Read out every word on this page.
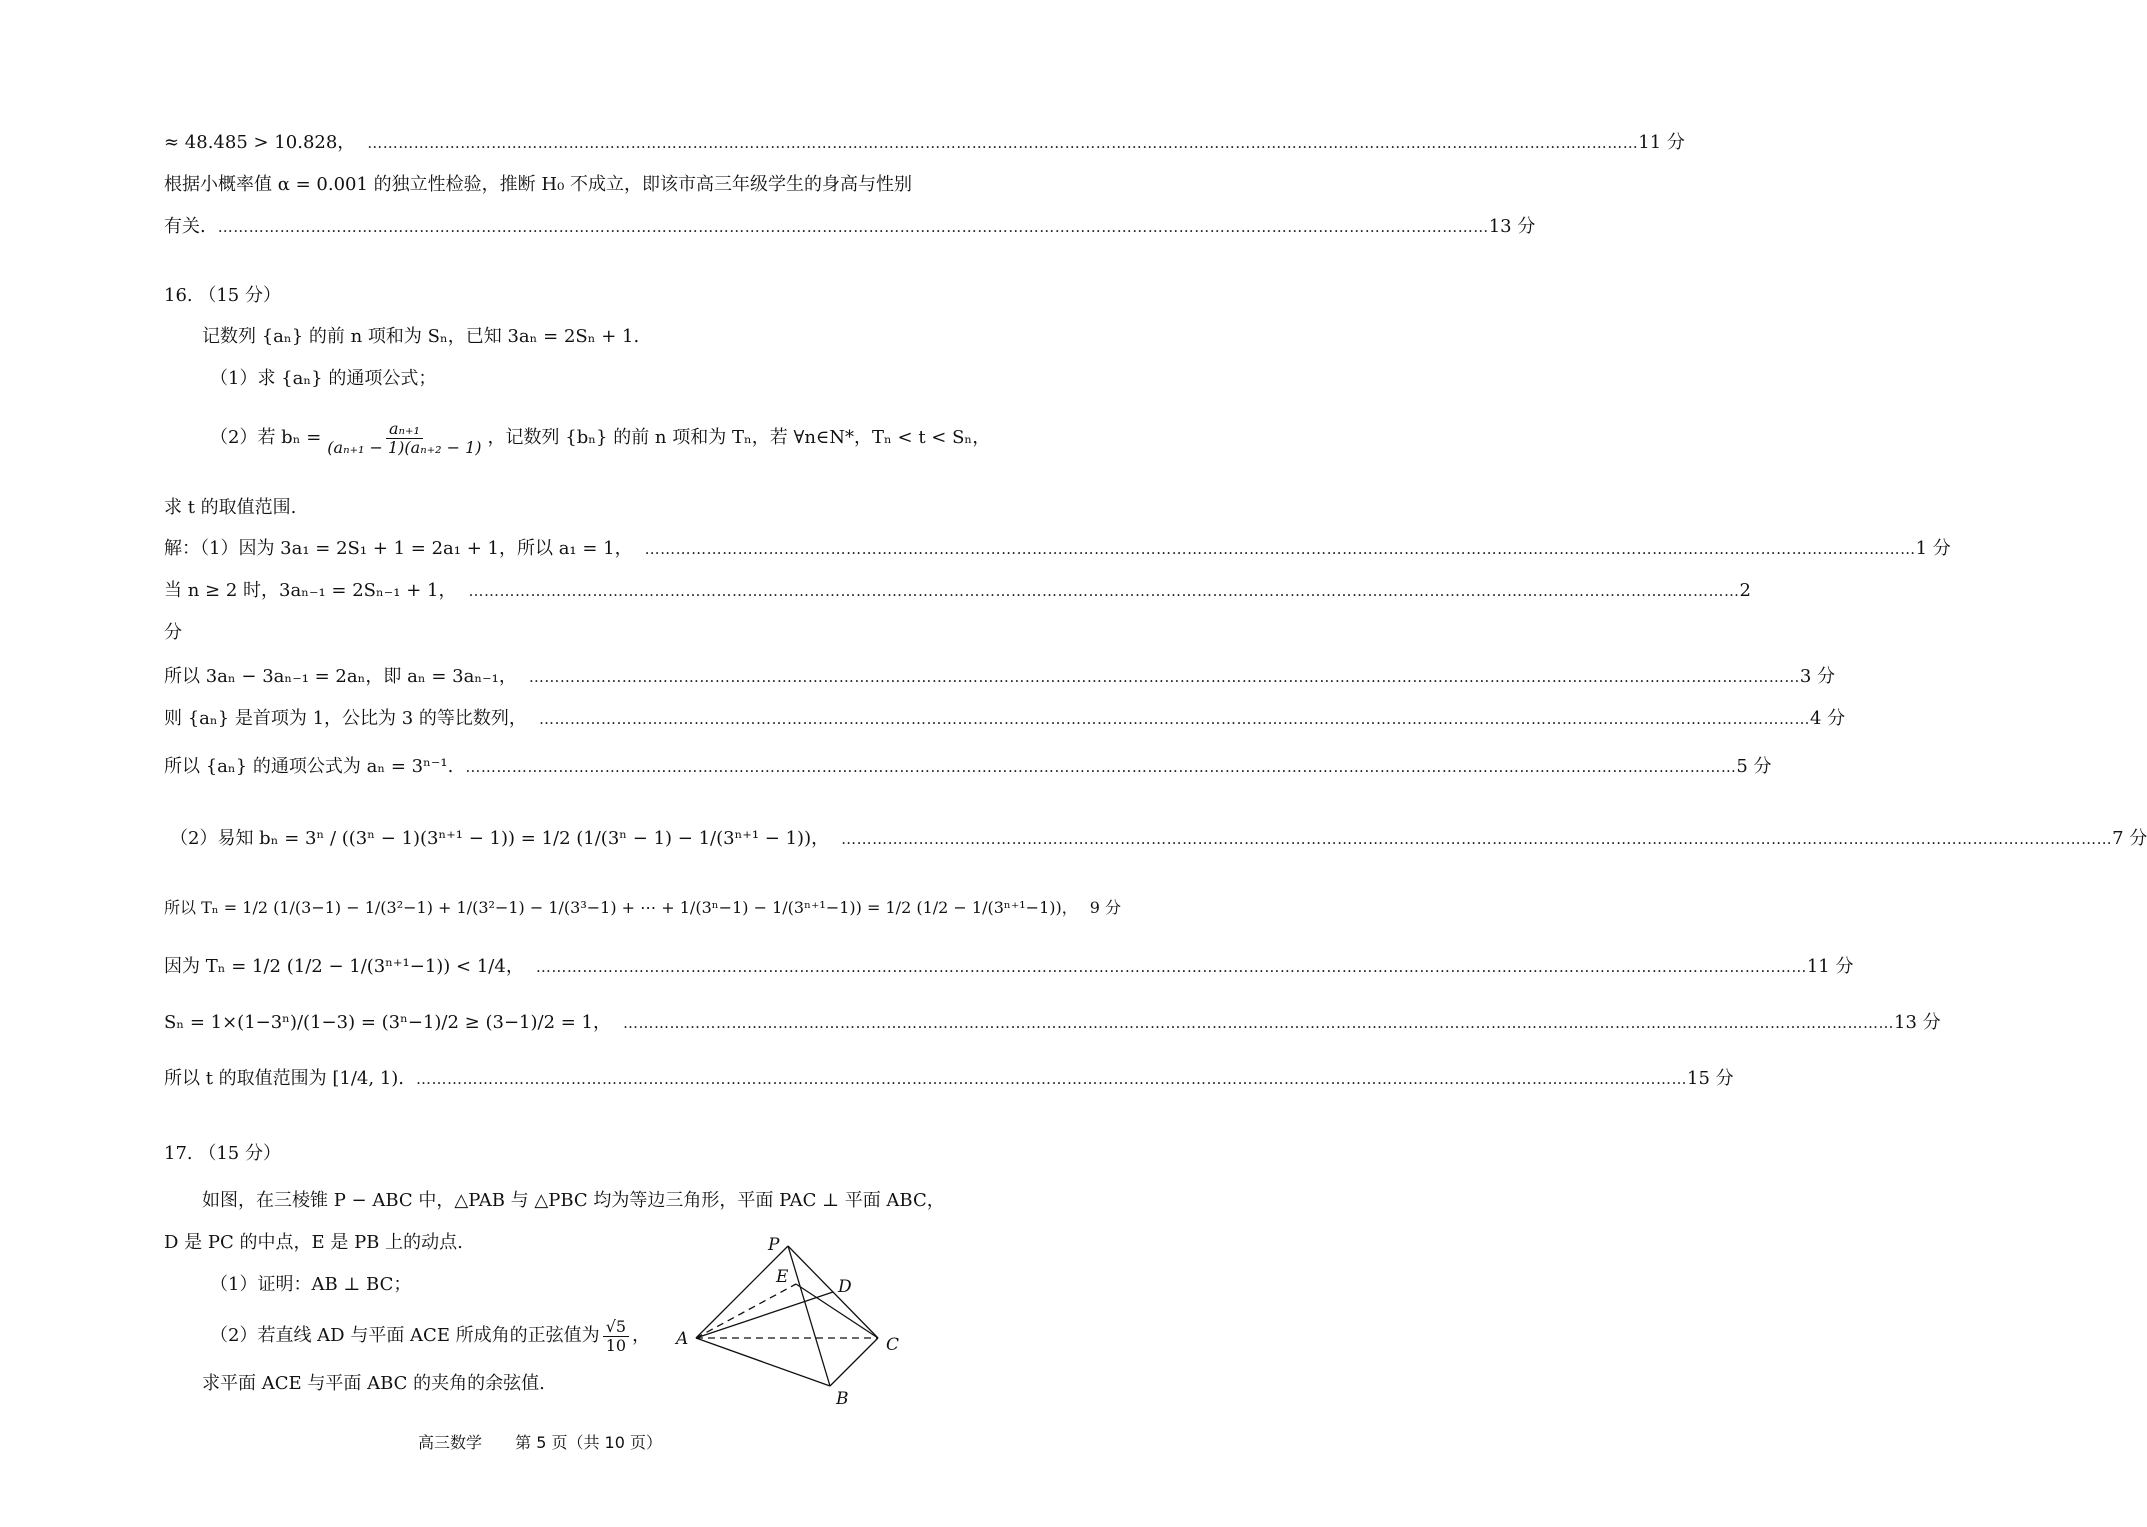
≈ 48.485 > 10.828， …………………………………………………………………………………………………………………………………………………………………………………………………………………………	11 分
根据小概率值 α = 0.001 的独立性检验，推断 H₀ 不成立，即该市高三年级学生的身高与性别
有关. …………………………………………………………………………………………………………………………………………………………………………………………………………………………	13 分
16. （15 分）
记数列 {aₙ} 的前 n 项和为 Sₙ，已知 3aₙ = 2Sₙ + 1.
（1）求 {aₙ} 的通项公式；
（2）若 $b_n = \frac{\text{aₙ₊₁}}{\text{(aₙ₊₁ − 1)(aₙ₊₂ − 1)}}$ ，记数列 {bₙ} 的前 n 项和为 Tₙ，若 ∀n∈N*，Tₙ < t < Sₙ，
求 t 的取值范围.
解：（1）因为 3a₁ = 2S₁ + 1 = 2a₁ + 1，所以 a₁ = 1， …………………………………………………………………………………………………………………………………………………………………………………………………………………………	1 分
当 n ≥ 2 时，3aₙ₋₁ = 2Sₙ₋₁ + 1， …………………………………………………………………………………………………………………………………………………………………………………………………………………………	2
分
所以 3aₙ − 3aₙ₋₁ = 2aₙ，即 aₙ = 3aₙ₋₁， …………………………………………………………………………………………………………………………………………………………………………………………………………………………	3 分
则 {aₙ} 是首项为 1，公比为 3 的等比数列， …………………………………………………………………………………………………………………………………………………………………………………………………………………………	4 分
所以 {aₙ} 的通项公式为 aₙ = 3ⁿ⁻¹. …………………………………………………………………………………………………………………………………………………………………………………………………………………………	5 分
（2）易知 bₙ = 3ⁿ / ((3ⁿ − 1)(3ⁿ⁺¹ − 1)) = 1/2 (1/(3ⁿ − 1) − 1/(3ⁿ⁺¹ − 1))， …………………………………………………………………………………………………………………………………………………………………………………………………………………………	7 分
所以 Tₙ = 1/2 (1/(3−1) − 1/(3²−1) + 1/(3²−1) − 1/(3³−1) + ⋯ + 1/(3ⁿ−1) − 1/(3ⁿ⁺¹−1)) = 1/2 (1/2 − 1/(3ⁿ⁺¹−1))， 9 分
因为 Tₙ = 1/2 (1/2 − 1/(3ⁿ⁺¹−1)) < 1/4， …………………………………………………………………………………………………………………………………………………………………………………………………………………………	11 分
Sₙ = 1×(1−3ⁿ)/(1−3) = (3ⁿ−1)/2 ≥ (3−1)/2 = 1， …………………………………………………………………………………………………………………………………………………………………………………………………………………………	13 分
所以 t 的取值范围为 [1/4, 1). …………………………………………………………………………………………………………………………………………………………………………………………………………………………	15 分
17. （15 分）
如图，在三棱锥 P − ABC 中，△PAB 与 △PBC 均为等边三角形，平面 PAC ⊥ 平面 ABC，
D 是 PC 的中点，E 是 PB 上的动点.
（1）证明：AB ⊥ BC；
（2）若直线 AD 与平面 ACE 所成角的正弦值为 $\frac{√5}{10}$ ，
求平面 ACE 与平面 ABC 的夹角的余弦值.
P
E	D
A	C
B
高三数学 第 5 页（共 10 页）
